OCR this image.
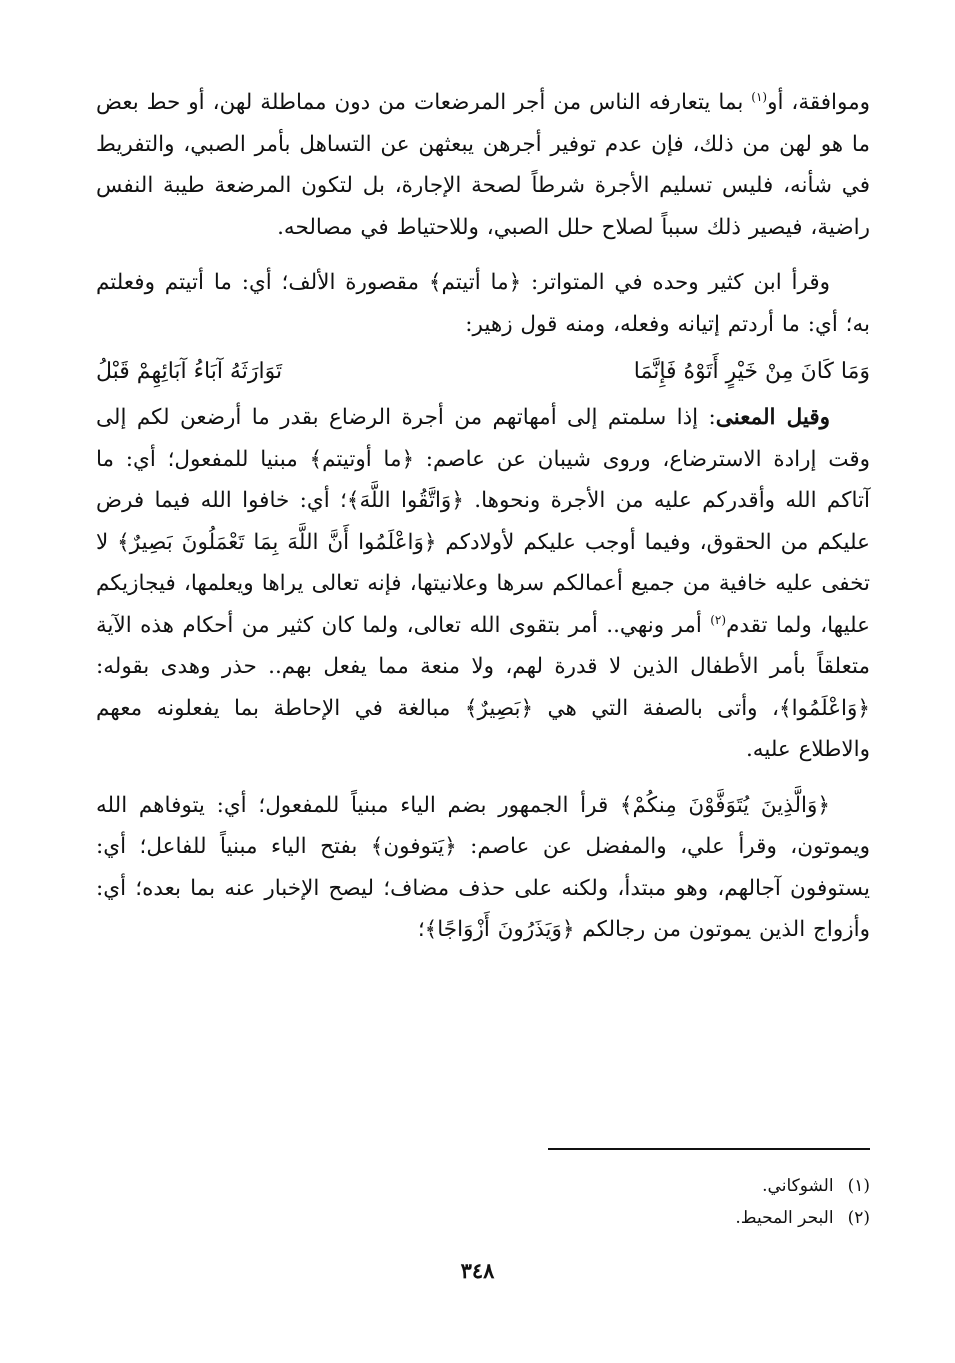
وموافقة، أو$^{(١)}$ بما يتعارفه الناس من أجر المرضعات من دون مماطلة لهن، أو حط بعض ما هو لهن من ذلك، فإن عدم توفير أجرهن يبعثهن عن التساهل بأمر الصبي، والتفريط في شأنه، فليس تسليم الأجرة شرطاً لصحة الإجارة، بل لتكون المرضعة طيبة النفس راضية، فيصير ذلك سبباً لصلاح حلل الصبي، وللاحتياط في مصالحه.

وقرأ ابن كثير وحده في المتواتر: ﴿ما أتيتم﴾ مقصورة الألف؛ أي: ما أتيتم وفعلتم به؛ أي: ما أردتم إتيانه وفعله، ومنه قول زهير:

وَمَا كَانَ مِنْ خَيْرٍ أَتَوْهُ فَإِنَّمَا
تَوَارَثَهُ آبَاءُ آبَائِهِمْ قَبْلُ

وقيل المعنى: إذا سلمتم إلى أمهاتهم من أجرة الرضاع بقدر ما أرضعن لكم إلى وقت إرادة الاسترضاع، وروى شيبان عن عاصم: ﴿ما أوتيتم﴾ مبنيا للمفعول؛ أي: ما آتاكم الله وأقدركم عليه من الأجرة ونحوها. ﴿وَاتَّقُوا اللَّهَ﴾؛ أي: خافوا الله فيما فرض عليكم من الحقوق، وفيما أوجب عليكم لأولادكم ﴿وَاعْلَمُوا أَنَّ اللَّهَ بِمَا تَعْمَلُونَ بَصِيرٌ﴾ لا تخفى عليه خافية من جميع أعمالكم سرها وعلانيتها، فإنه تعالى يراها ويعلمها، فيجازيكم عليها، ولما تقدم$^{(٢)}$ أمر ونهي.. أمر بتقوى الله تعالى، ولما كان كثير من أحكام هذه الآية متعلقاً بأمر الأطفال الذين لا قدرة لهم، ولا منعة مما يفعل بهم.. حذر وهدى بقوله: ﴿وَاعْلَمُوا﴾، وأتى بالصفة التي هي ﴿بَصِيرٌ﴾ مبالغة في الإحاطة بما يفعلونه معهم والاطلاع عليه.

﴿وَالَّذِينَ يُتَوَفَّوْنَ مِنكُمْ﴾ قرأ الجمهور بضم الياء مبنياً للمفعول؛ أي: يتوفاهم الله ويموتون، وقرأ علي، والمفضل عن عاصم: ﴿يَتوفون﴾ بفتح الياء مبنياً للفاعل؛ أي: يستوفون آجالهم، وهو مبتدأ، ولكنه على حذف مضاف؛ ليصح الإخبار عنه بما بعده؛ أي: وأزواج الذين يموتون من رجالكم ﴿وَيَذَرُونَ أَزْوَاجًا﴾؛

(١)
الشوكاني.
(٢)
البحر المحيط.
٣٤٨
